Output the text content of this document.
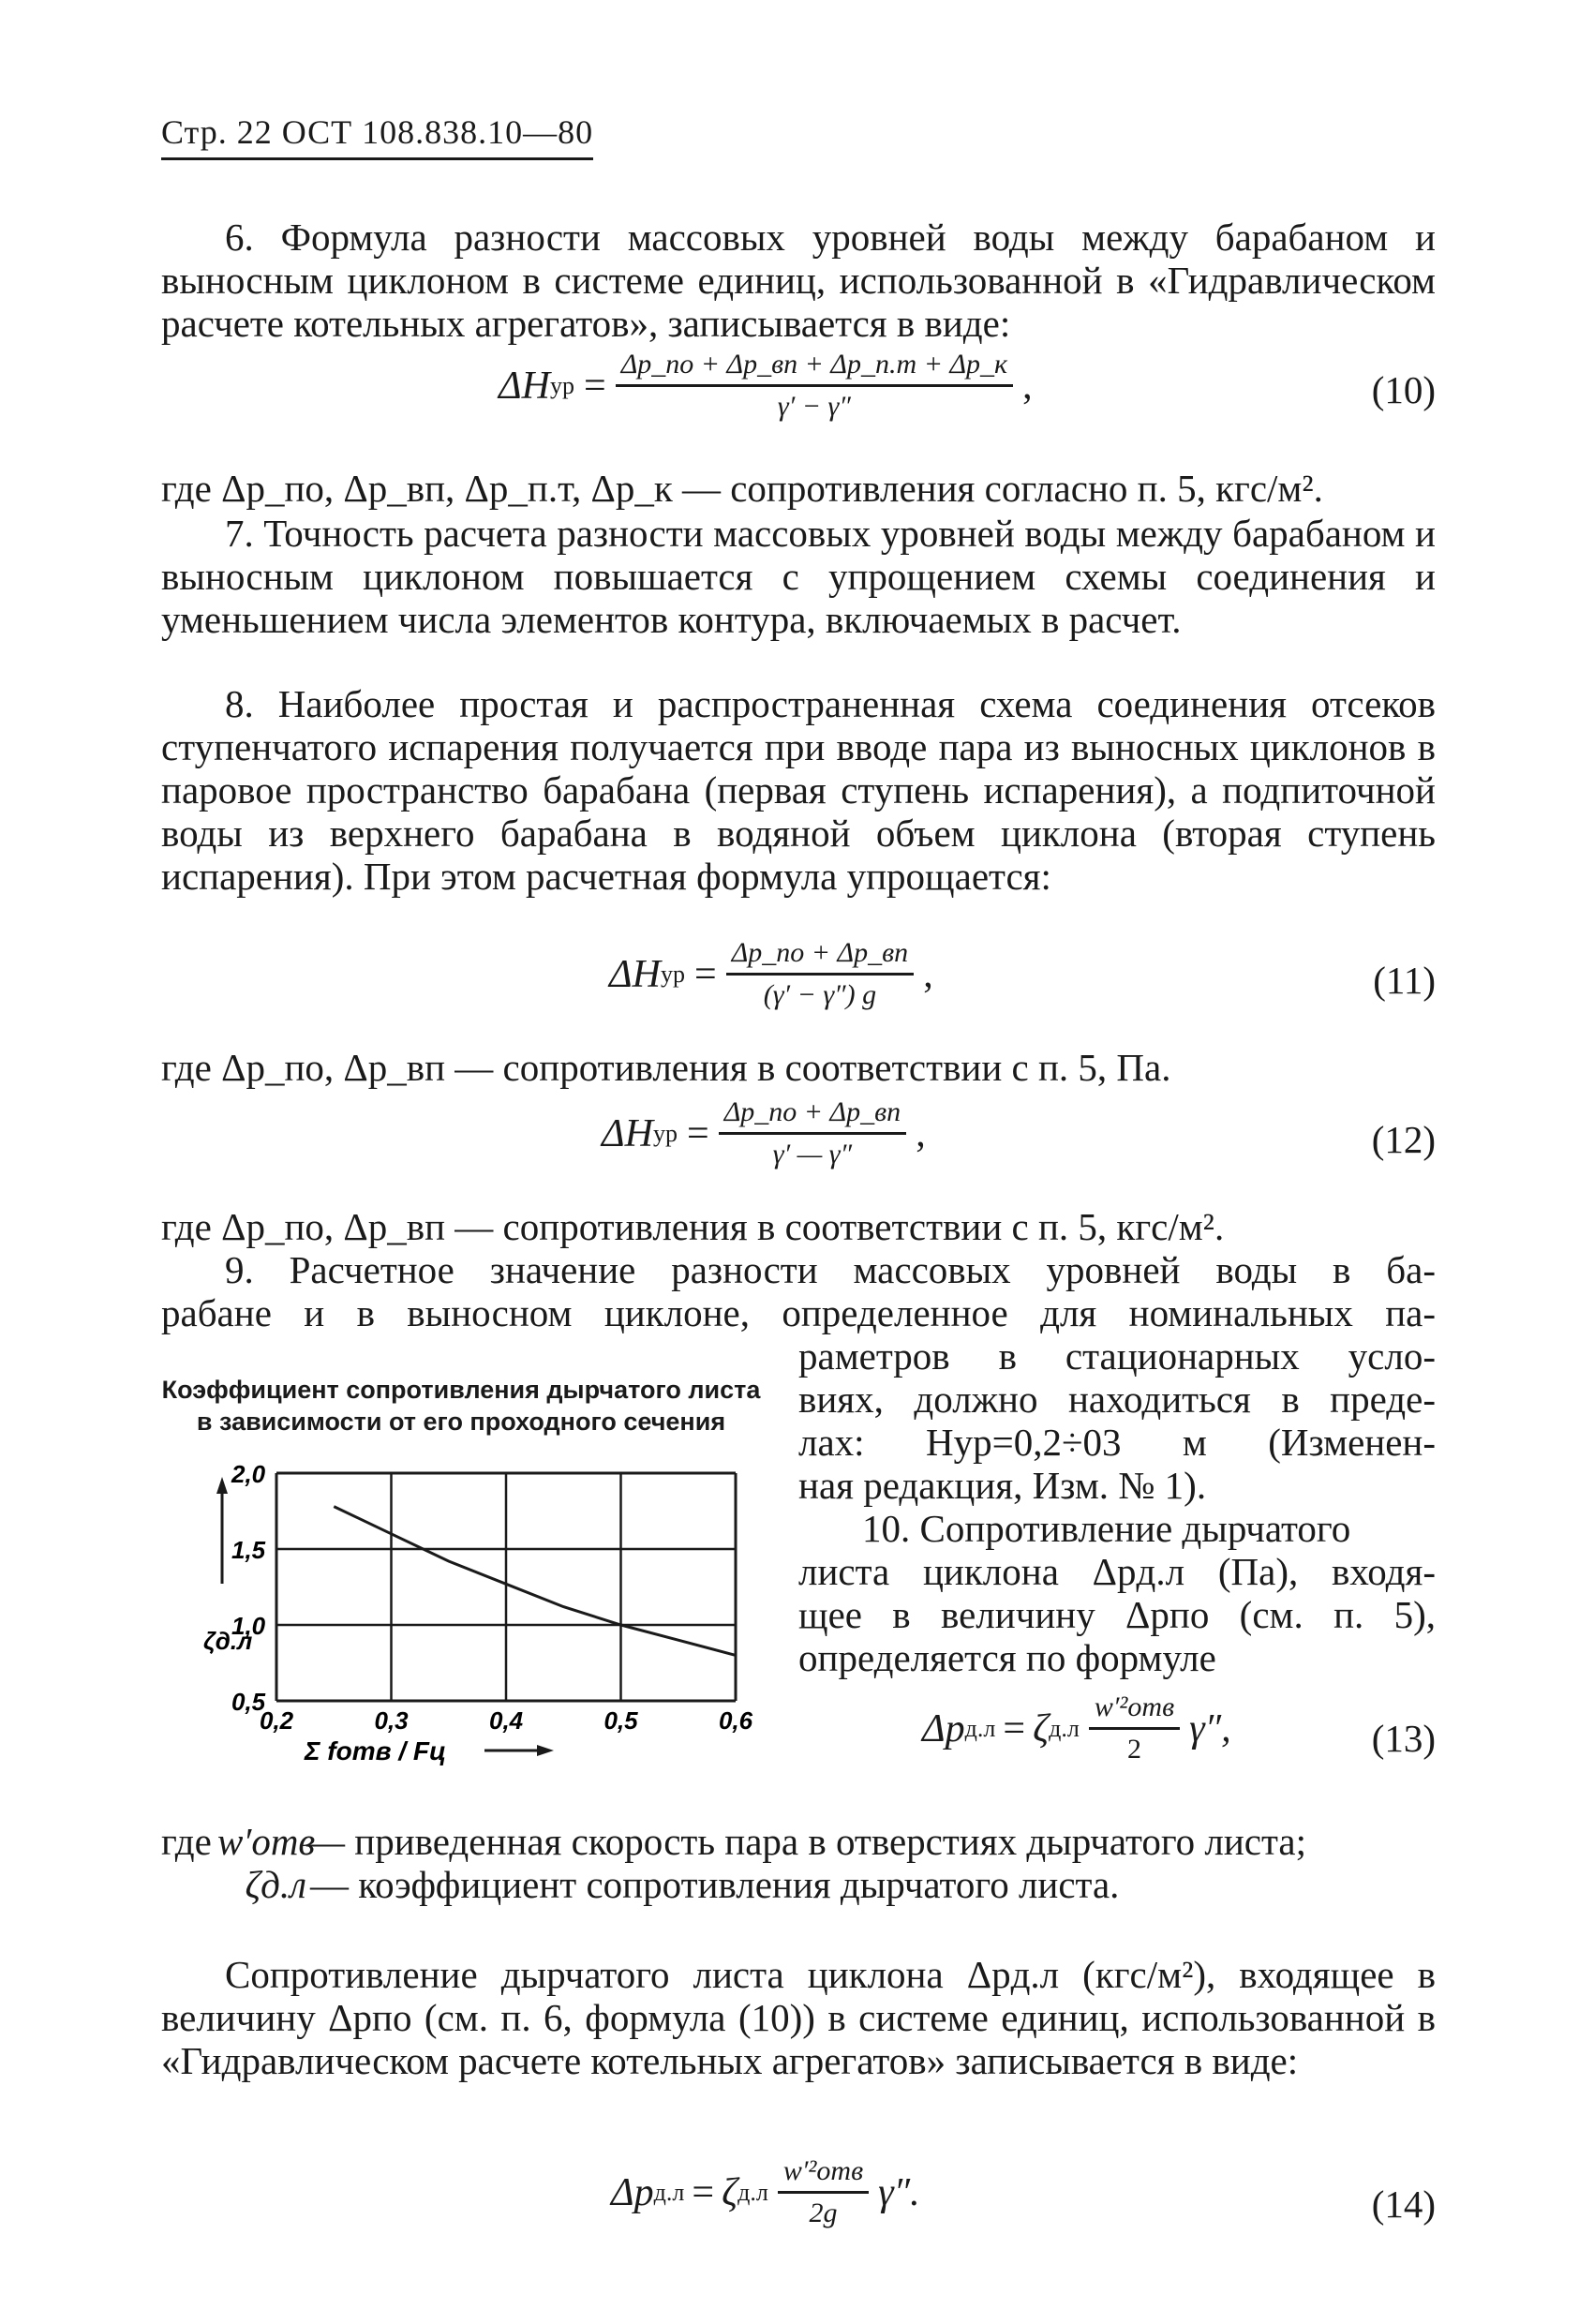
Стр. 22 ОСТ 108.838.10—80

6. Формула разности массовых уровней воды между барабаном и выносным циклоном в системе единиц, использованной в «Гидравлическом расчете котельных агрегатов», записывается в виде:

ΔH ур = $\frac{\Delta p\_по + \Delta p\_вп + \Delta p\_п.т + \Delta p\_к}{\gamma' - \gamma''}$ ,	(10)

где Δp_по, Δp_вп, Δp_п.т, Δp_к — сопротивления согласно п. 5, кгс/м².

7. Точность расчета разности массовых уровней воды между барабаном и выносным циклоном повышается с упрощением схемы соединения и уменьшением числа элементов контура, включаемых в расчет.

8. Наиболее простая и распространенная схема соединения отсеков ступенчатого испарения получается при вводе пара из выносных циклонов в паровое пространство барабана (первая ступень испарения), а подпиточной воды из верхнего барабана в водяной объем циклона (вторая ступень испарения). При этом расчетная формула упрощается:

ΔH ур = $\frac{\Delta p\_по + \Delta p\_вп}{(\gamma' - \gamma'') g}$ ,	(11)

где Δp_по, Δp_вп — сопротивления в соответствии с п. 5, Па.

ΔH ур = $\frac{\Delta p\_по + \Delta p\_вп}{\gamma' — \gamma''}$ ,	(12)

где Δp_по, Δp_вп — сопротивления в соответствии с п. 5, кгс/м².

9. Расчетное значение разности массовых уровней воды в ба-

рабане и в выносном циклоне, определенное для номинальных па-

раметров в стационарных усло-

виях, должно находиться в преде-

лах: Hур=0,2÷03 м (Изменен-

ная редакция, Изм. № 1).

10. Сопротивление дырчатого

листа циклона Δpд.л (Па), входя-

щее в величину Δpпо (см. п. 5),

определяется по формуле

Коэффициент сопротивления дырчатого листа в зависимости от его проходного сечения
0,2	0,3	0,4	0,5	0,6
0,5
1,0
1,5
2,0
ζд.л
Σ fотв / Fц
Δp д.л = ζ $д.л \frac{\text{w′²отв}}{2} \gamma''$,	(13)
где w′отв
— приведенная скорость пара в отверстиях дырчатого листа;
ζд.л — коэффициент сопротивления дырчатого листа.

Сопротивление дырчатого листа циклона Δpд.л (кгс/м²), входящее в величину Δpпо (см. п. 6, формула (10)) в системе единиц, использованной в «Гидравлическом расчете котельных агрегатов» записывается в виде:

Δp д.л = ζ $д.л \frac{\text{w′²отв}}{2g} \gamma''$.	(14)
